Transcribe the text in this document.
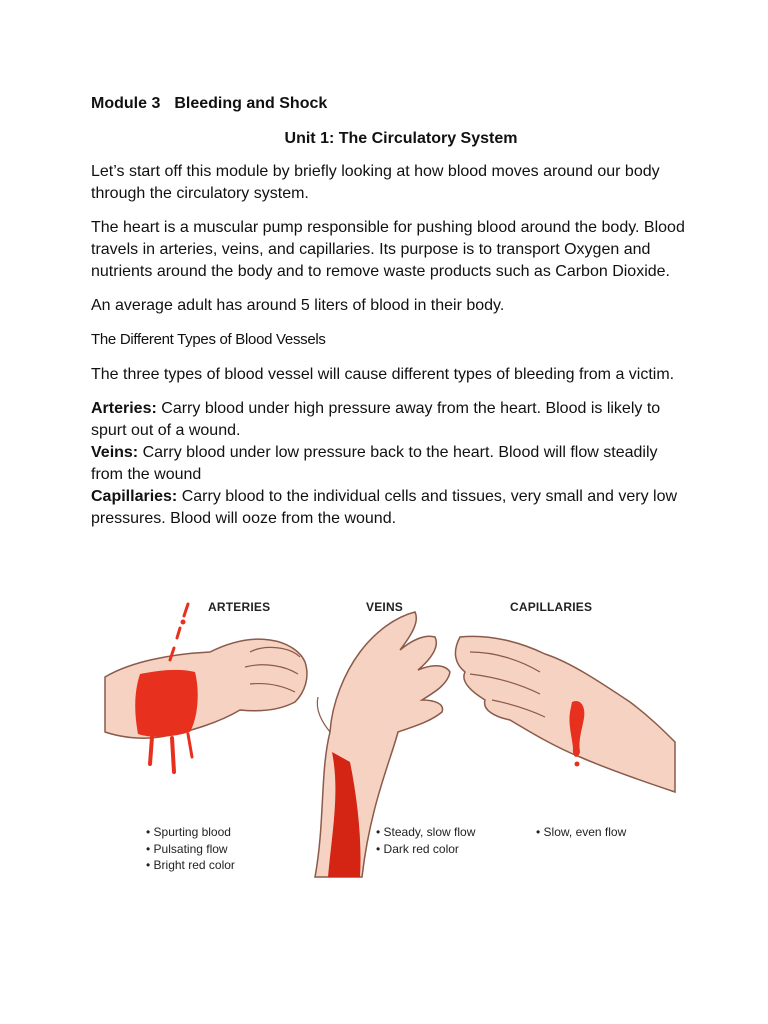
Module 3 Bleeding and Shock
Unit 1: The Circulatory System

Let’s start off this module by briefly looking at how blood moves around our body through the circulatory system.

The heart is a muscular pump responsible for pushing blood around the body. Blood travels in arteries, veins, and capillaries. Its purpose is to transport Oxygen and nutrients around the body and to remove waste products such as Carbon Dioxide.

An average adult has around 5 liters of blood in their body.

The Different Types of Blood Vessels

The three types of blood vessel will cause different types of bleeding from a victim.

Arteries: Carry blood under high pressure away from the heart. Blood is likely to spurt out of a wound.
Veins: Carry blood under low pressure back to the heart. Blood will flow steadily from the wound
Capillaries: Carry blood to the individual cells and tissues, very small and very low pressures. Blood will ooze from the wound.
ARTERIES	VEINS	CAPILLARIES
• Spurting blood
• Pulsating flow
• Bright red color
• Steady, slow flow
• Dark red color
• Slow, even flow
